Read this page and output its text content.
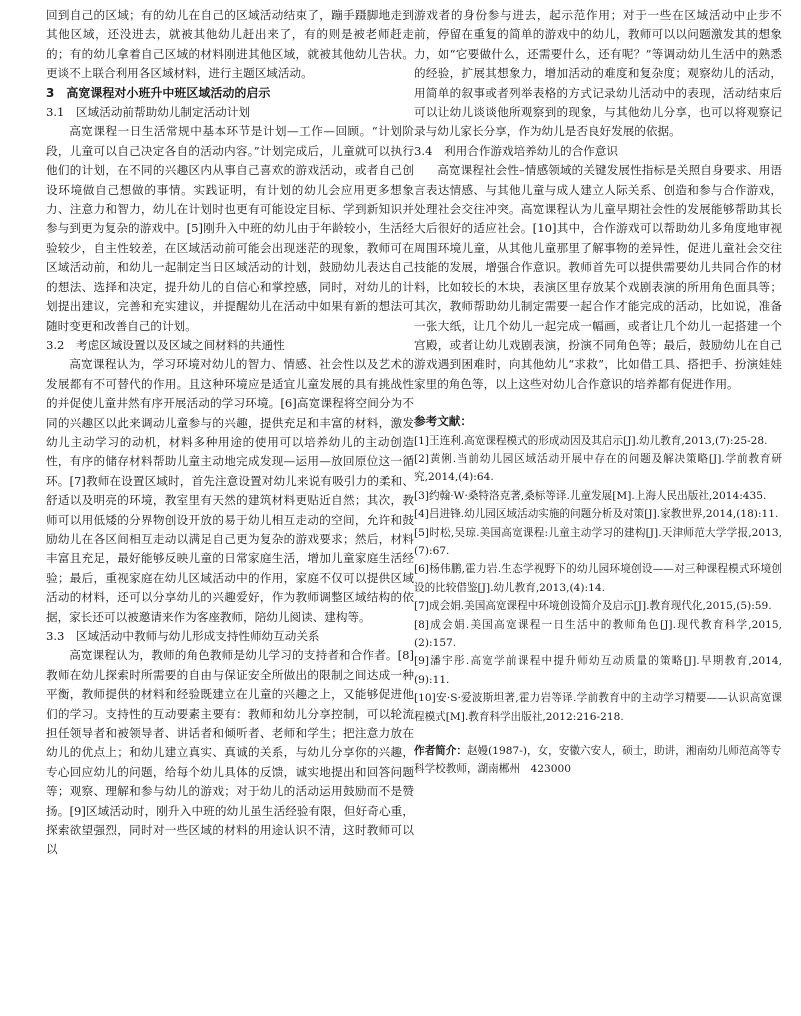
回到自己的区域；有的幼儿在自己的区域活动结束了，蹦手蹑脚地走到其他区域，还没进去，就被其他幼儿赶出来了，有的则是被老师赶走的；有的幼儿拿着自己区域的材料刚进其他区域，就被其他幼儿告状。更谈不上联合利用各区域材料，进行主题区域活动。

3　高宽课程对小班升中班区域活动的启示
3.1　区域活动前帮助幼儿制定活动计划

高宽课程一日生活常规中基本环节是计划—工作—回顾。“计划阶段，儿童可以自己决定各自的活动内容。”计划完成后，儿童就可以执行他们的计划，在不同的兴趣区内从事自己喜欢的游戏活动，或者自己创设环境做自己想做的事情。实践证明，有计划的幼儿会应用更多想象力、注意力和智力，幼儿在计划时也更有可能设定目标、学到新知识并参与到更为复杂的游戏中。[5]刚升入中班的幼儿由于年龄较小，生活经验较少，自主性较差，在区域活动前可能会出现迷茫的现象，教师可在区域活动前，和幼儿一起制定当日区域活动的计划，鼓励幼儿表达自己的想法、选择和决定，提升幼儿的自信心和掌控感，同时，对幼儿的计划提出建议，完善和充实建议，并提醒幼儿在活动中如果有新的想法可随时变更和改善自己的计划。

3.2　考虑区域设置以及区域之间材料的共通性

高宽课程认为，学习环境对幼儿的智力、情感、社会性以及艺术的发展都有不可替代的作用。且这种环境应是适宜儿童发展的具有挑战性的并促使儿童井然有序开展活动的学习环境。[6]高宽课程将空间分为不同的兴趣区以此来调动儿童参与的兴趣，提供充足和丰富的材料，激发幼儿主动学习的动机，材料多种用途的使用可以培养幼儿的主动创造性，有序的储存材料帮助儿童主动地完成发现—运用—放回原位这一循环。[7]教师在设置区域时，首先注意设置对幼儿来说有吸引力的柔和、舒适以及明亮的环境，教室里有天然的建筑材料更贴近自然；其次，教师可以用低矮的分界物创设开放的易于幼儿相互走动的空间，允许和鼓励幼儿在各区间相互走动以满足自己更为复杂的游戏要求；然后，材料丰富且充足，最好能够反映儿童的日常家庭生活，增加儿童家庭生活经验；最后，重视家庭在幼儿区域活动中的作用，家庭不仅可以提供区域活动的材料，还可以分享幼儿的兴趣爱好，作为教师调整区域结构的依据，家长还可以被邀请来作为客座教师，陪幼儿阅读、建构等。

3.3　区域活动中教师与幼儿形成支持性师幼互动关系

高宽课程认为，教师的角色教师是幼儿学习的支持者和合作者。[8]教师在幼儿探索时所需要的自由与保证安全所做出的限制之间达成一种平衡，教师提供的材料和经验既建立在儿童的兴趣之上，又能够促进他们的学习。支持性的互动要素主要有：教师和幼儿分享控制，可以轮流担任领导者和被领导者、讲话者和倾听者、老师和学生；把注意力放在幼儿的优点上；和幼儿建立真实、真诚的关系，与幼儿分享你的兴趣，专心回应幼儿的问题，给每个幼儿具体的反馈，诚实地提出和回答问题等；观察、理解和参与幼儿的游戏；对于幼儿的活动运用鼓励而不是赞扬。[9]区域活动时，刚升入中班的幼儿虽生活经验有限，但好奇心重，探索欲望强烈，同时对一些区域的材料的用途认识不清，这时教师可以以

游戏者的身份参与进去，起示范作用；对于一些在区域活动中止步不前，停留在重复的简单的游戏中的幼儿，教师可以以问题激发其的想象力，如“它要做什么，还需要什么，还有呢？”等调动幼儿生活中的熟悉的经验，扩展其想象力，增加活动的难度和复杂度；观察幼儿的活动，用简单的叙事或者列举表格的方式记录幼儿活动中的表现，活动结束后可以让幼儿谈谈他所观察到的现象，与其他幼儿分享，也可以将观察记录与幼儿家长分享，作为幼儿是否良好发展的依据。

3.4　利用合作游戏培养幼儿的合作意识

高宽课程社会性–情感领域的关键发展性指标是关照自身要求、用语言表达情感、与其他儿童与成人建立人际关系、创造和参与合作游戏，处理社会交往冲突。高宽课程认为儿童早期社会性的发展能够帮助其长大后很好的适应社会。[10]其中，合作游戏可以帮助幼儿多角度地审视周围环境儿童，从其他儿童那里了解事物的差异性，促进儿童社会交往技能的发展，增强合作意识。教师首先可以提供需要幼儿共同合作的材料，比如较长的木块，表演区里存放某个戏剧表演的所用角色面具等；其次，教师帮助幼儿制定需要一起合作才能完成的活动，比如说，准备一张大纸，让几个幼儿一起完成一幅画，或者让几个幼儿一起搭建一个宫殿，或者让幼儿戏剧表演，扮演不同角色等；最后，鼓励幼儿在自己游戏遇到困难时，向其他幼儿“求救”，比如借工具、搭把手、扮演娃娃家里的角色等，以上这些对幼儿合作意识的培养都有促进作用。

参考文献：
[1]王连利.高宽课程模式的形成动因及其启示[J].幼儿教育,2013,(7):25-28.
[2]黄俐.当前幼儿园区域活动开展中存在的问题及解决策略[J].学前教育研究,2014,(4):64.
[3]约翰·W·桑特洛克著,桑标等译.儿童发展[M].上海人民出版社,2014:435.
[4]吕进锋.幼儿园区域活动实施的问题分析及对策[J].家教世界,2014,(18):11.
[5]时松,吴琼.美国高宽课程:儿童主动学习的建构[J].天津师范大学学报,2013,(7):67.
[6]杨伟鹏,霍力岩.生态学视野下的幼儿园环境创设——对三种课程模式环境创设的比较借鉴[J].幼儿教育,2013,(4):14.
[7]成会娟.美国高宽课程中环境创设简介及启示[J].教育现代化,2015,(5):59.
[8]成会娟.美国高宽课程一日生活中的教师角色[J].现代教育科学,2015,(2):157.
[9]潘宇彤.高宽学前课程中提升师幼互动质量的策略[J].早期教育,2014,(9):11.
[10]安·S·爱波斯坦著,霍力岩等译.学前教育中的主动学习精要——认识高宽课程模式[M].教育科学出版社,2012:216-218.
作者简介：赵嫚(1987-)，女，安徽六安人，硕士，助讲，湘南幼儿师范高等专科学校教师，湖南郴州　423000
